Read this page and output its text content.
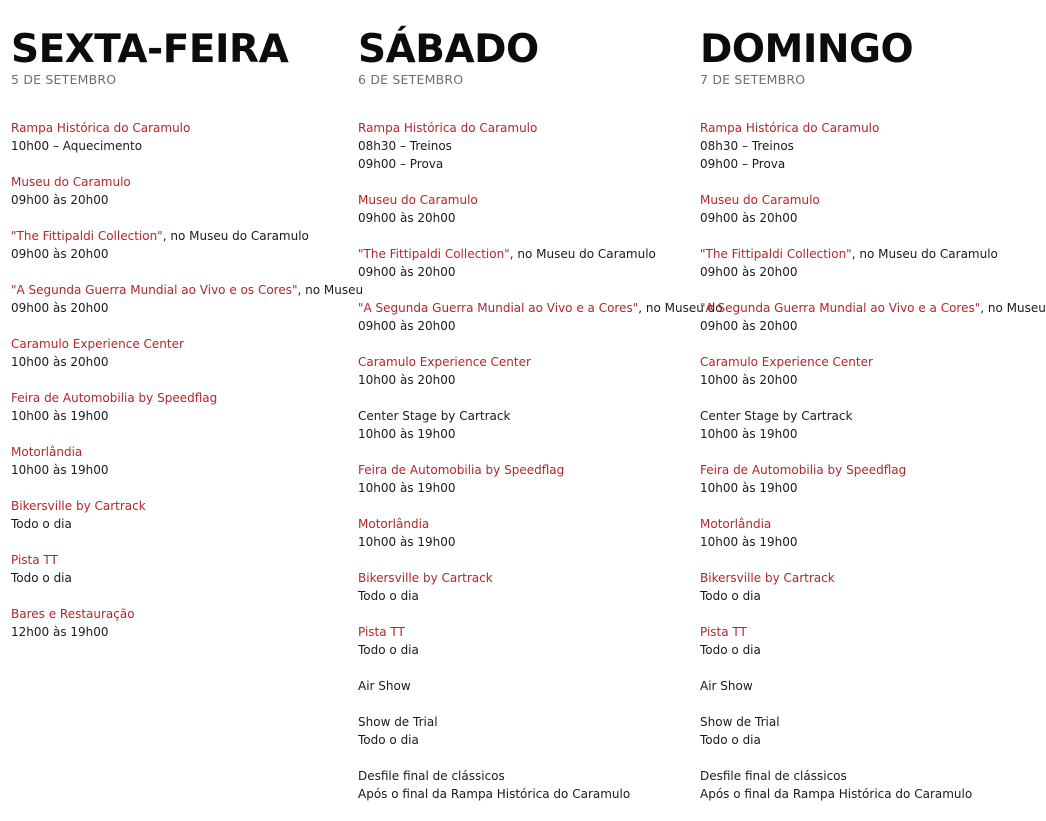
SEXTA-FEIRA
5 DE SETEMBRO
Rampa Histórica do Caramulo
10h00 – Aquecimento
Museu do Caramulo
09h00 às 20h00
"The Fittipaldi Collection", no Museu do Caramulo
09h00 às 20h00
"A Segunda Guerra Mundial ao Vivo e os Cores", no Museu
09h00 às 20h00
Caramulo Experience Center
10h00 às 20h00
Feira de Automobilia by Speedflag
10h00 às 19h00
Motorlândia
10h00 às 19h00
Bikersville by Cartrack
Todo o dia
Pista TT
Todo o dia
Bares e Restauração
12h00 às 19h00
SÁBADO
6 DE SETEMBRO
Rampa Histórica do Caramulo
08h30 – Treinos
09h00 – Prova
Museu do Caramulo
09h00 às 20h00
"The Fittipaldi Collection", no Museu do Caramulo
09h00 às 20h00
"A Segunda Guerra Mundial ao Vivo e a Cores", no Museu do
09h00 às 20h00
Caramulo Experience Center
10h00 às 20h00
Center Stage by Cartrack
10h00 às 19h00
Feira de Automobilia by Speedflag
10h00 às 19h00
Motorlândia
10h00 às 19h00
Bikersville by Cartrack
Todo o dia
Pista TT
Todo o dia
Air Show
Show de Trial
Todo o dia
Desfile final de clássicos
Após o final da Rampa Histórica do Caramulo
DOMINGO
7 DE SETEMBRO
Rampa Histórica do Caramulo
08h30 – Treinos
09h00 – Prova
Museu do Caramulo
09h00 às 20h00
"The Fittipaldi Collection", no Museu do Caramulo
09h00 às 20h00
"A Segunda Guerra Mundial ao Vivo e a Cores", no Museu
09h00 às 20h00
Caramulo Experience Center
10h00 às 20h00
Center Stage by Cartrack
10h00 às 19h00
Feira de Automobilia by Speedflag
10h00 às 19h00
Motorlândia
10h00 às 19h00
Bikersville by Cartrack
Todo o dia
Pista TT
Todo o dia
Air Show
Show de Trial
Todo o dia
Desfile final de clássicos
Após o final da Rampa Histórica do Caramulo
